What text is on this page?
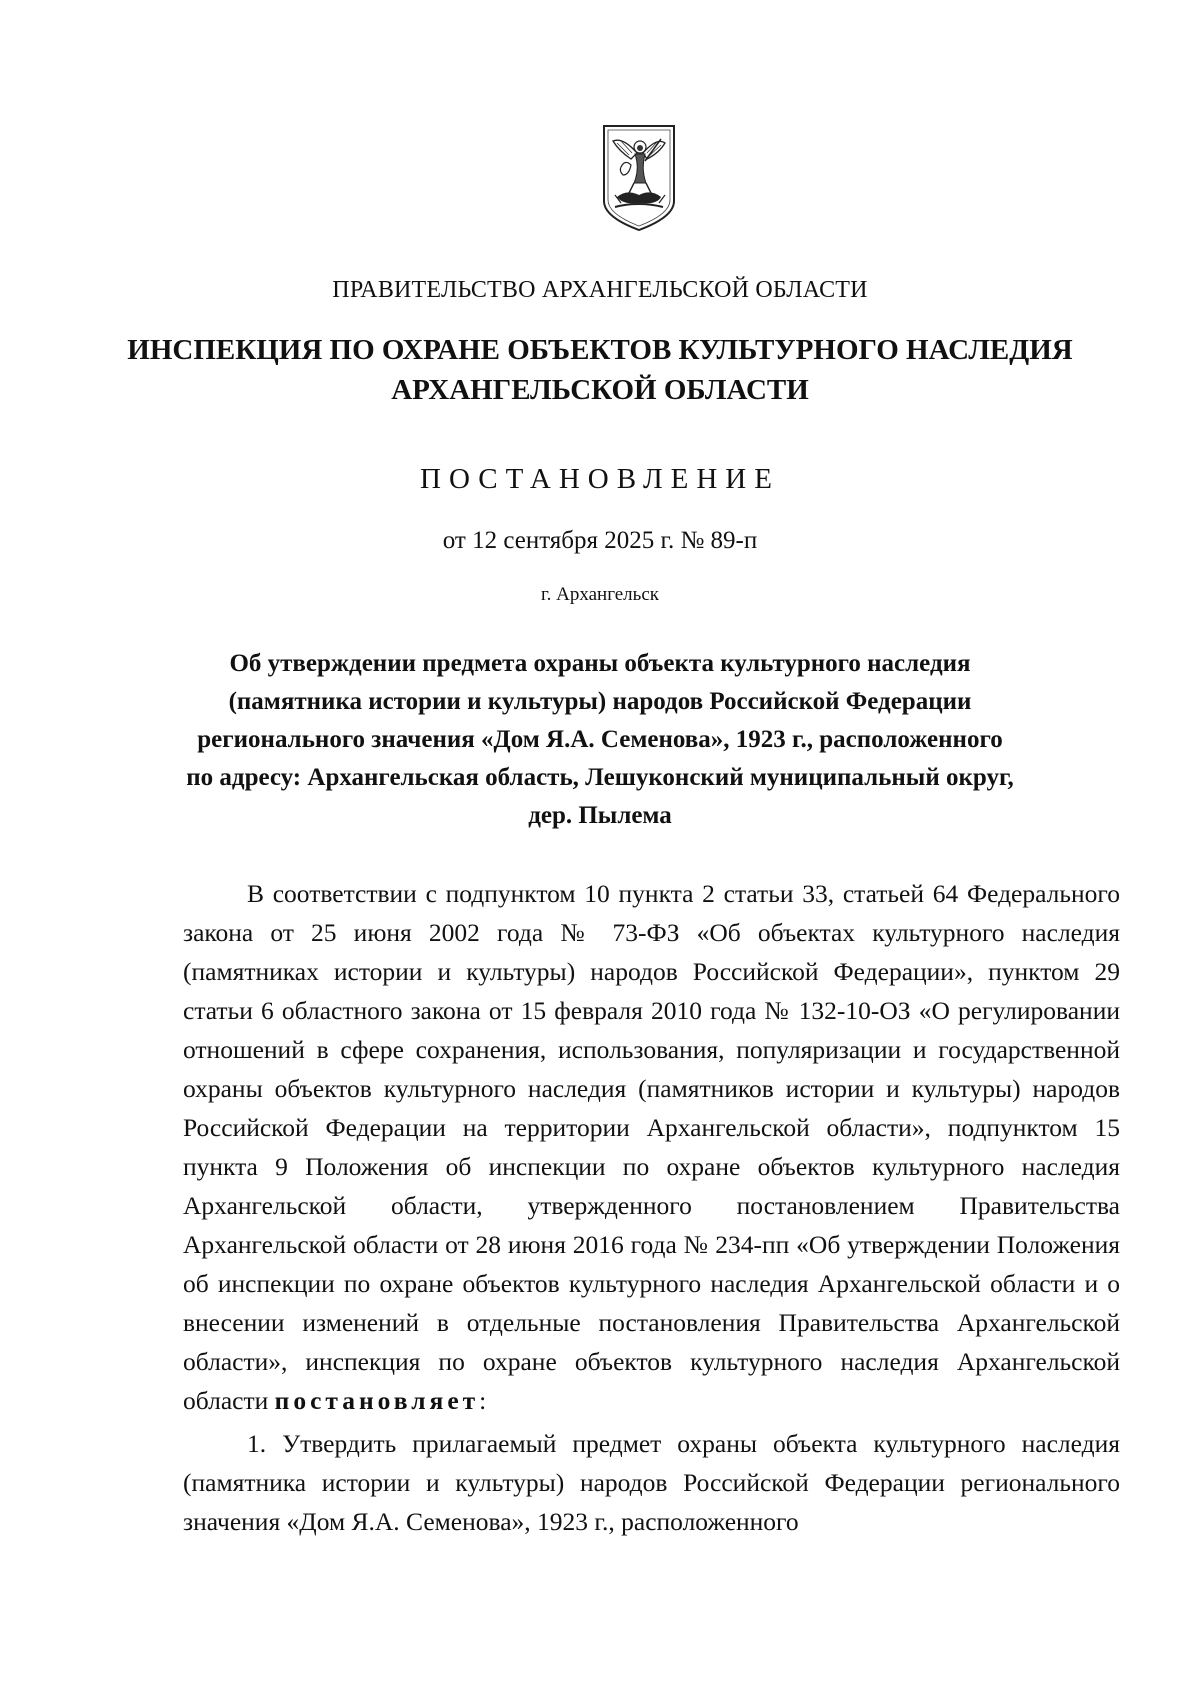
ПРАВИТЕЛЬСТВО АРХАНГЕЛЬСКОЙ ОБЛАСТИ
ИНСПЕКЦИЯ ПО ОХРАНЕ ОБЪЕКТОВ КУЛЬТУРНОГО НАСЛЕДИЯ
АРХАНГЕЛЬСКОЙ ОБЛАСТИ
ПОСТАНОВЛЕНИЕ
от 12 сентября 2025 г. № 89-п
г. Архангельск
Об утверждении предмета охраны объекта культурного наследия
(памятника истории и культуры) народов Российской Федерации
регионального значения «Дом Я.А. Семенова», 1923 г., расположенного
по адресу: Архангельская область, Лешуконский муниципальный округ,
дер. Пылема

В соответствии с подпунктом 10 пункта 2 статьи 33, статьей 64 Федерального закона от 25 июня 2002 года № 73-ФЗ «Об объектах культурного наследия (памятниках истории и культуры) народов Российской Федерации», пунктом 29 статьи 6 областного закона от 15 февраля 2010 года № 132-10-ОЗ «О регулировании отношений в сфере сохранения, использования, популяризации и государственной охраны объектов культурного наследия (памятников истории и культуры) народов Российской Федерации на территории Архангельской области», подпунктом 15 пункта 9 Положения об инспекции по охране объектов культурного наследия Архангельской области, утвержденного постановлением Правительства Архангельской области от 28 июня 2016 года № 234-пп «Об утверждении Положения об инспекции по охране объектов культурного наследия Архангельской области и о внесении изменений в отдельные постановления Правительства Архангельской области», инспекция по охране объектов культурного наследия Архангельской области постановляет:

1. Утвердить прилагаемый предмет охраны объекта культурного наследия (памятника истории и культуры) народов Российской Федерации регионального значения «Дом Я.А. Семенова», 1923 г., расположенного
